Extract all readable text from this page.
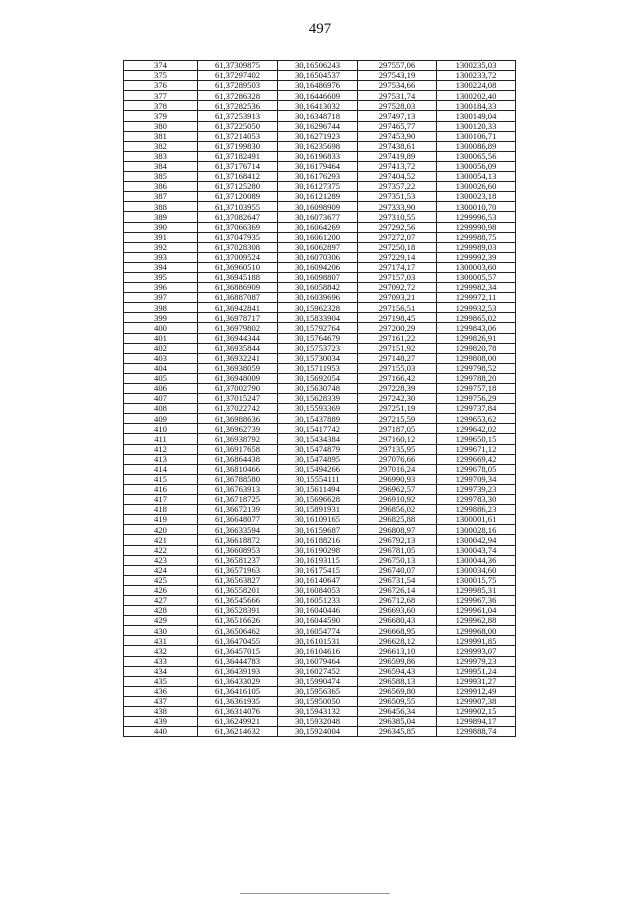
497
374	61,37309875	30,16506243	297557,06	1300235,03
375	61,37297402	30,16504537	297543,19	1300233,72
376	61,37289503	30,16486976	297534,66	1300224,08
377	61,37286328	30,16446609	297531,74	1300202,40
378	61,37282536	30,16413032	297528,03	1300184,33
379	61,37253913	30,16348718	297497,13	1300149,04
380	61,37225050	30,16296744	297465,77	1300120,33
381	61,37214053	30,16271923	297453,90	1300106,71
382	61,37199830	30,16235698	297438,61	1300086,89
383	61,37182491	30,16196833	297419,89	1300065,56
384	61,37176714	30,16179464	297413,72	1300056,09
385	61,37168412	30,16176293	297404,52	1300054,13
386	61,37125280	30,16127375	297357,22	1300026,60
387	61,37120089	30,16121289	297351,53	1300023,18
388	61,37103955	30,16098909	297333,90	1300010,70
389	61,37082647	30,16073677	297310,55	1299996,53
390	61,37066369	30,16064269	297292,56	1299990,98
391	61,37047935	30,16061200	297272,07	1299988,75
392	61,37028308	30,16062897	297250,18	1299989,03
393	61,37009524	30,16070306	297229,14	1299992,39
394	61,36960510	30,16094206	297174,17	1300003,60
395	61,36945188	30,16098807	297157,03	1300005,57
396	61,36886909	30,16058842	297092,72	1299982,34
397	61,36887087	30,16039696	297093,21	1299972,11
398	61,36942841	30,15962328	297156,51	1299932,53
399	61,36978717	30,15833904	297198,45	1299865,02
400	61,36979802	30,15792764	297200,29	1299843,06
401	61,36944344	30,15764679	297161,22	1299826,91
402	61,36935844	30,15753723	297151,92	1299820,78
403	61,36932241	30,15730034	297148,27	1299808,00
404	61,36938059	30,15711953	297155,03	1299798,52
405	61,36948009	30,15692054	297166,42	1299788,20
406	61,37002790	30,15630748	297228,39	1299757,18
407	61,37015247	30,15628339	297242,30	1299756,29
408	61,37022742	30,15593369	297251,19	1299737,84
409	61,36988636	30,15437889	297215,59	1299653,62
410	61,36962739	30,15417742	297187,05	1299642,02
411	61,36938792	30,15434384	297160,12	1299650,15
412	61,36917658	30,15474879	297135,95	1299671,12
413	61,36864438	30,15474895	297076,66	1299669,42
414	61,36810466	30,15494266	297016,24	1299678,05
415	61,36788580	30,15554111	296990,93	1299709,34
416	61,36763913	30,15611494	296962,57	1299739,23
417	61,36718725	30,15696628	296910,92	1299783,30
418	61,36672139	30,15891931	296856,02	1299886,23
419	61,36648077	30,16109165	296825,88	1300001,61
420	61,36633594	30,16159687	296808,97	1300028,16
421	61,36618872	30,16188216	296792,13	1300042,94
422	61,36608953	30,16190298	296781,05	1300043,74
423	61,36581237	30,16193115	296750,13	1300044,36
424	61,36571963	30,16175415	296740,07	1300034,60
425	61,36563827	30,16140647	296731,54	1300015,75
426	61,36558201	30,16084053	296726,14	1299985,31
427	61,36545666	30,16051233	296712,68	1299967,36
428	61,36528391	30,16040446	296693,60	1299961,04
429	61,36516626	30,16044590	296680,43	1299962,88
430	61,36506462	30,16054774	296668,95	1299968,00
431	61,36470455	30,16101531	296628,12	1299991,85
432	61,36457015	30,16104616	296613,10	1299993,07
433	61,36444783	30,16079464	296599,86	1299979,23
434	61,36439193	30,16027452	296594,43	1299951,24
435	61,36433029	30,15990474	296588,13	1299931,27
436	61,36416105	30,15956365	296569,80	1299912,49
437	61,36361935	30,15950050	296509,55	1299907,38
438	61,36314076	30,15943132	296456,34	1299902,15
439	61,36249921	30,15932048	296385,04	1299894,17
440	61,36214632	30,15924004	296345,85	1299888,74
